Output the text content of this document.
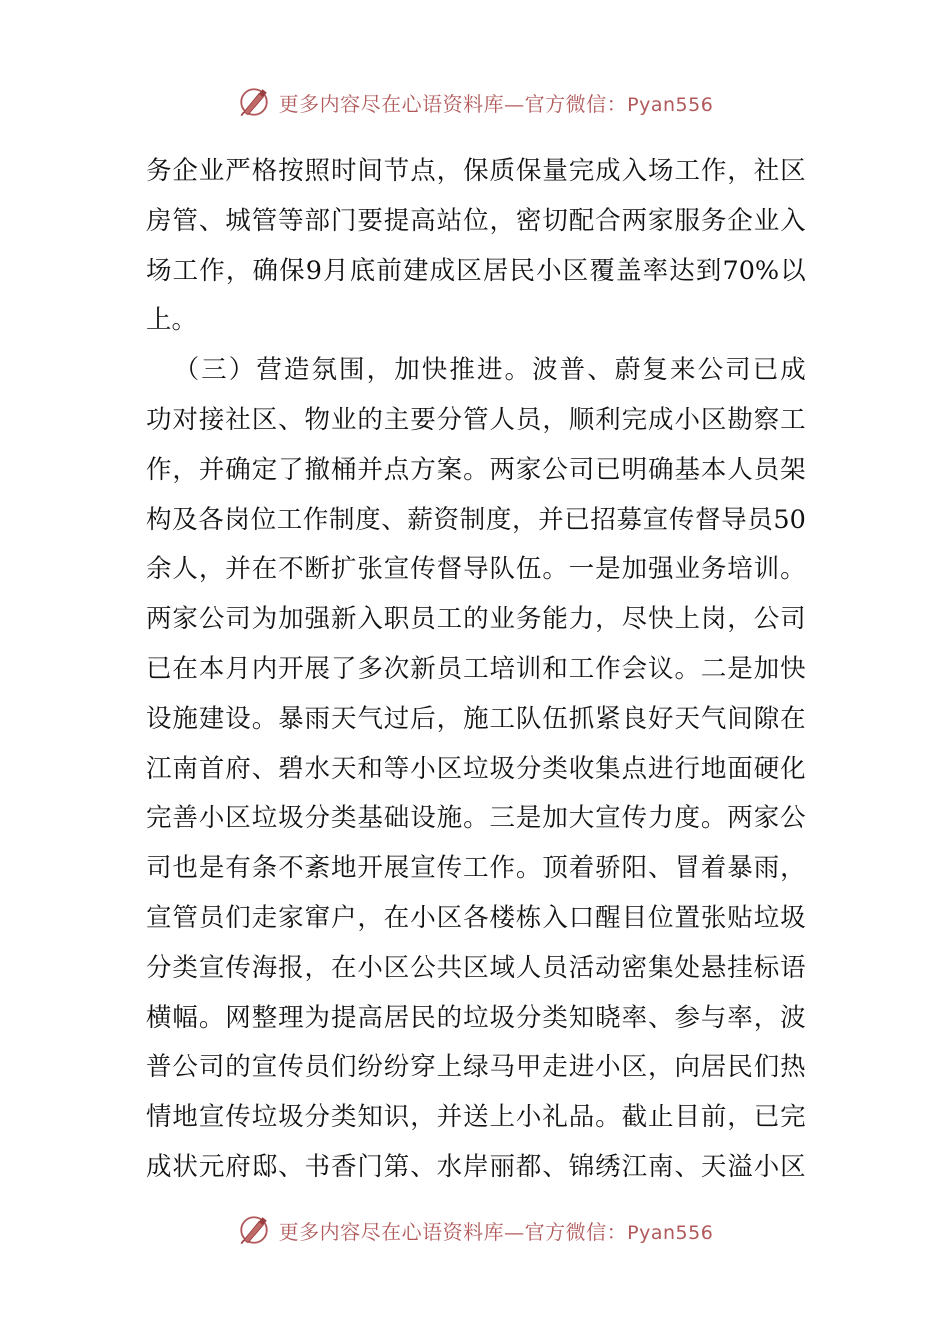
更多内容尽在心语资料库—官方微信：Pyan556
务 企 业 严 格 按 照 时 间 节 点 ， 保 质 保 量 完 成 入 场 工 作 ， 社 区
房 管 、 城 管 等 部 门 要 提 高 站 位 ， 密 切 配 合 两 家 服 务 企 业 入
场 工 作 ， 确 保 9 月 底 前 建 成 区 居 民 小 区 覆 盖 率 达 到 70% 以
上。

（ 三 ） 营 造 氛 围 ， 加 快 推 进 。 波 普 、 蔚 复 来 公 司 已 成
功 对 接 社 区 、 物 业 的 主 要 分 管 人 员 ， 顺 利 完 成 小 区 勘 察 工
作 ， 并 确 定 了 撤 桶 并 点 方 案 。 两 家 公 司 已 明 确 基 本 人 员 架
构 及 各 岗 位 工 作 制 度 、 薪 资 制 度 ， 并 已 招 募 宣 传 督 导 员 50
余 人 ， 并 在 不 断 扩 张 宣 传 督 导 队 伍 。 一 是 加 强 业 务 培 训 。
两 家 公 司 为 加 强 新 入 职 员 工 的 业 务 能 力 ， 尽 快 上 岗 ， 公 司
已 在 本 月 内 开 展 了 多 次 新 员 工 培 训 和 工 作 会 议 。 二 是 加 快
设 施 建 设 。 暴 雨 天 气 过 后 ， 施 工 队 伍 抓 紧 良 好 天 气 间 隙 在
江 南 首 府 、 碧 水 天 和 等 小 区 垃 圾 分 类 收 集 点 进 行 地 面 硬 化
完 善 小 区 垃 圾 分 类 基 础 设 施 。 三 是 加 大 宣 传 力 度 。 两 家 公
司 也 是 有 条 不 紊 地 开 展 宣 传 工 作 。 顶 着 骄 阳 、 冒 着 暴 雨 ，
宣 管 员 们 走 家 窜 户 ， 在 小 区 各 楼 栋 入 口 醒 目 位 置 张 贴 垃 圾
分 类 宣 传 海 报 ， 在 小 区 公 共 区 域 人 员 活 动 密 集 处 悬 挂 标 语
横 幅 。 网 整 理 为 提 高 居 民 的 垃 圾 分 类 知 晓 率 、 参 与 率 ， 波
普 公 司 的 宣 传 员 们 纷 纷 穿 上 绿 马 甲 走 进 小 区 ， 向 居 民 们 热
情 地 宣 传 垃 圾 分 类 知 识 ， 并 送 上 小 礼 品 。 截 止 目 前 ， 已 完
成 状 元 府 邸 、 书 香 门 第 、 水 岸 丽 都 、 锦 绣 江 南 、 天 溢 小 区
更多内容尽在心语资料库—官方微信：Pyan556
